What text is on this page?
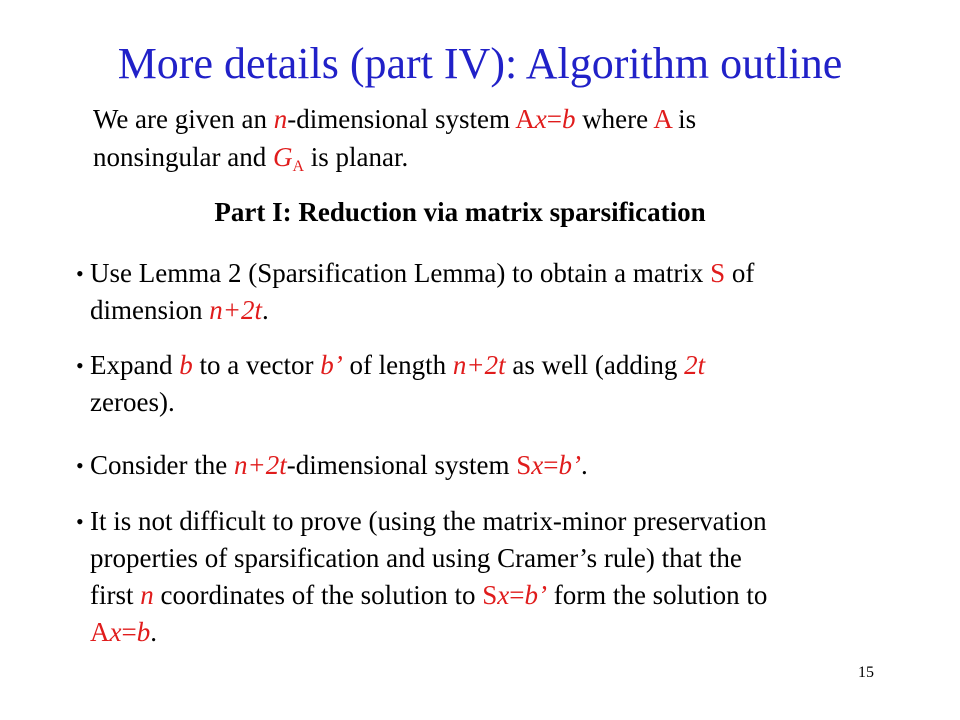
More details (part IV): Algorithm outline
We are given an n-dimensional system Ax=b where A is
nonsingular and $G_A$ is planar.
Part I: Reduction via matrix sparsification
• Use Lemma 2 (Sparsification Lemma) to obtain a matrix S of
dimension n+2t.
• Expand b to a vector b’ of length n+2t as well (adding 2t
zeroes).
• Consider the n+2t-dimensional system Sx=b’.
• It is not difficult to prove (using the matrix-minor preservation
properties of sparsification and using Cramer’s rule) that the
first n coordinates of the solution to Sx=b’ form the solution to
Ax=b.
15
